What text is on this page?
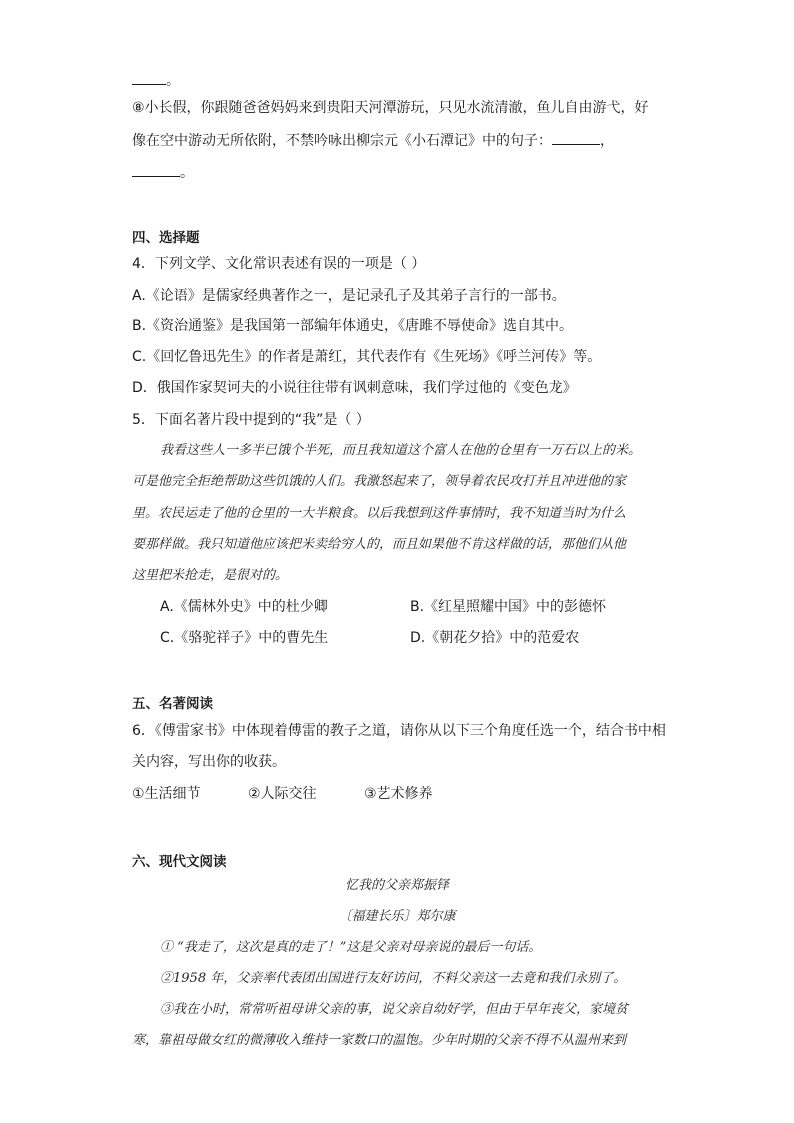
。
⑧小长假，你跟随爸爸妈妈来到贵阳天河潭游玩，只见水流清澈，鱼儿自由游弋，好
像在空中游动无所依附，不禁吟咏出柳宗元《小石潭记》中的句子：	，
。
四、选择题
4．下列文学、文化常识表述有误的一项是（ ）
A.《论语》是儒家经典著作之一，是记录孔子及其弟子言行的一部书。
B.《资治通鉴》是我国第一部编年体通史，《唐雎不辱使命》选自其中。
C.《回忆鲁迅先生》的作者是萧红，其代表作有《生死场》《呼兰河传》等。
D．俄国作家契诃夫的小说往往带有讽刺意味，我们学过他的《变色龙》
5．下面名著片段中提到的“我”是（ ）
我看这些人一多半已饿个半死，而且我知道这个富人在他的仓里有一万石以上的米。
可是他完全拒绝帮助这些饥饿的人们。我激怒起来了，领导着农民攻打并且冲进他的家
里。农民运走了他的仓里的一大半粮食。以后我想到这件事情时，我不知道当时为什么
要那样做。我只知道他应该把米卖给穷人的，而且如果他不肯这样做的话，那他们从他
这里把米抢走，是很对的。
A.《儒林外史》中的杜少卿	B.《红星照耀中国》中的彭德怀
C.《骆驼祥子》中的曹先生	D.《朝花夕拾》中的范爱农
五、名著阅读
6．《傅雷家书》中体现着傅雷的教子之道，请你从以下三个角度任选一个，结合书中相
关内容，写出你的收获。
①生活细节	②人际交往	③艺术修养
六、现代文阅读
忆我的父亲郑振铎
〔福建长乐〕郑尔康
① “我走了，这次是真的走了！”这是父亲对母亲说的最后一句话。
②1958 年，父亲率代表团出国进行友好访问，不料父亲这一去竟和我们永别了。
③我在小时，常常听祖母讲父亲的事，说父亲自幼好学，但由于早年丧父，家境贫
寒，靠祖母做女红的微薄收入维持一家数口的温饱。少年时期的父亲不得不从温州来到
